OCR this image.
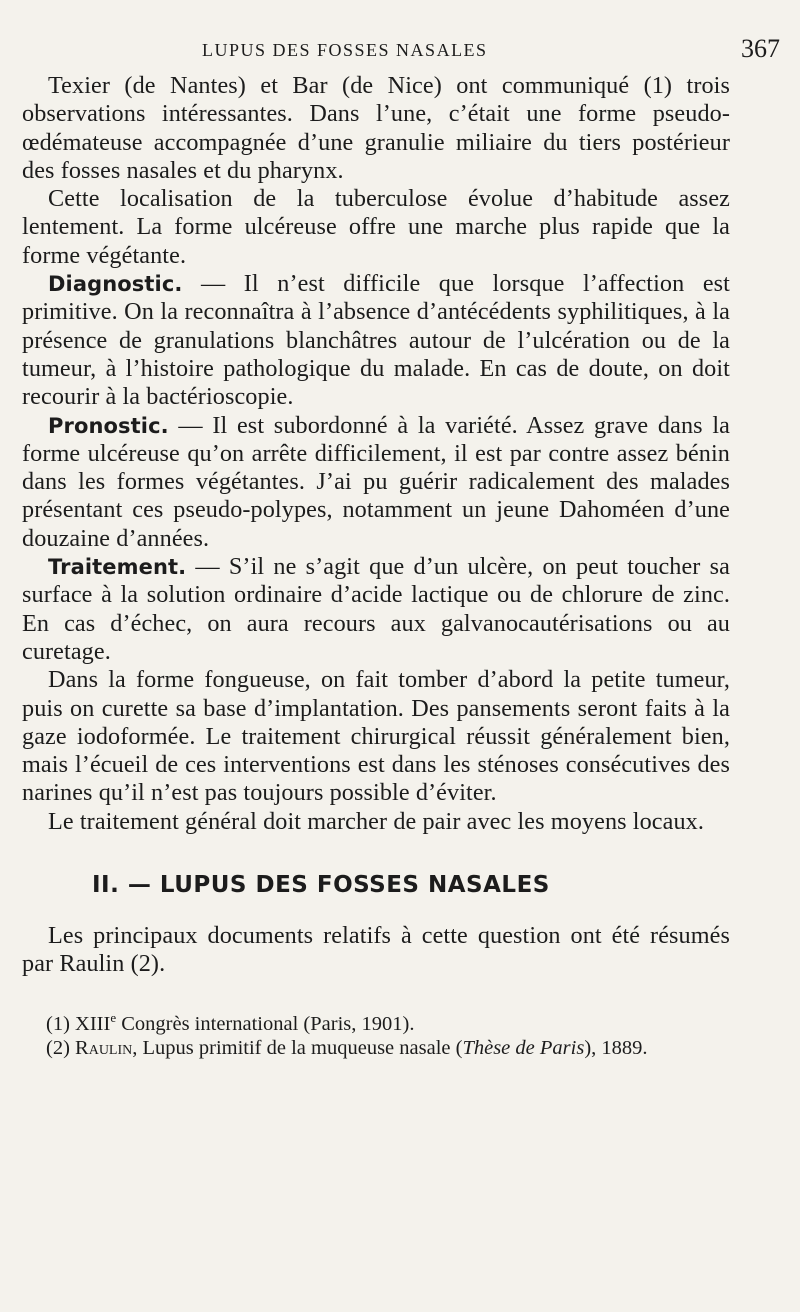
LUPUS DES FOSSES NASALES	367

Texier (de Nantes) et Bar (de Nice) ont communiqué (1) trois observations intéressantes. Dans l’une, c’était une forme pseudo-œdémateuse accompagnée d’une granulie miliaire du tiers postérieur des fosses nasales et du pharynx.

Cette localisation de la tuberculose évolue d’habitude assez lentement. La forme ulcéreuse offre une marche plus rapide que la forme végétante.

Diagnostic. — Il n’est difficile que lorsque l’affection est primitive. On la reconnaîtra à l’absence d’antécédents syphilitiques, à la présence de granulations blanchâtres autour de l’ulcération ou de la tumeur, à l’histoire pathologique du malade. En cas de doute, on doit recourir à la bactérioscopie.

Pronostic. — Il est subordonné à la variété. Assez grave dans la forme ulcéreuse qu’on arrête difficilement, il est par contre assez bénin dans les formes végétantes. J’ai pu guérir radicalement des malades présentant ces pseudo-polypes, notamment un jeune Dahoméen d’une douzaine d’années.

Traitement. — S’il ne s’agit que d’un ulcère, on peut toucher sa surface à la solution ordinaire d’acide lactique ou de chlorure de zinc. En cas d’échec, on aura recours aux galvanocautérisations ou au curetage.

Dans la forme fongueuse, on fait tomber d’abord la petite tumeur, puis on curette sa base d’implantation. Des pansements seront faits à la gaze iodoformée. Le traitement chirurgical réussit généralement bien, mais l’écueil de ces interventions est dans les sténoses consécutives des narines qu’il n’est pas toujours possible d’éviter.

Le traitement général doit marcher de pair avec les moyens locaux.

II. — LUPUS DES FOSSES NASALES

Les principaux documents relatifs à cette question ont été résumés par Raulin (2).

(1) XIIIe Congrès international (Paris, 1901).

(2) Raulin, Lupus primitif de la muqueuse nasale (Thèse de Paris), 1889.
